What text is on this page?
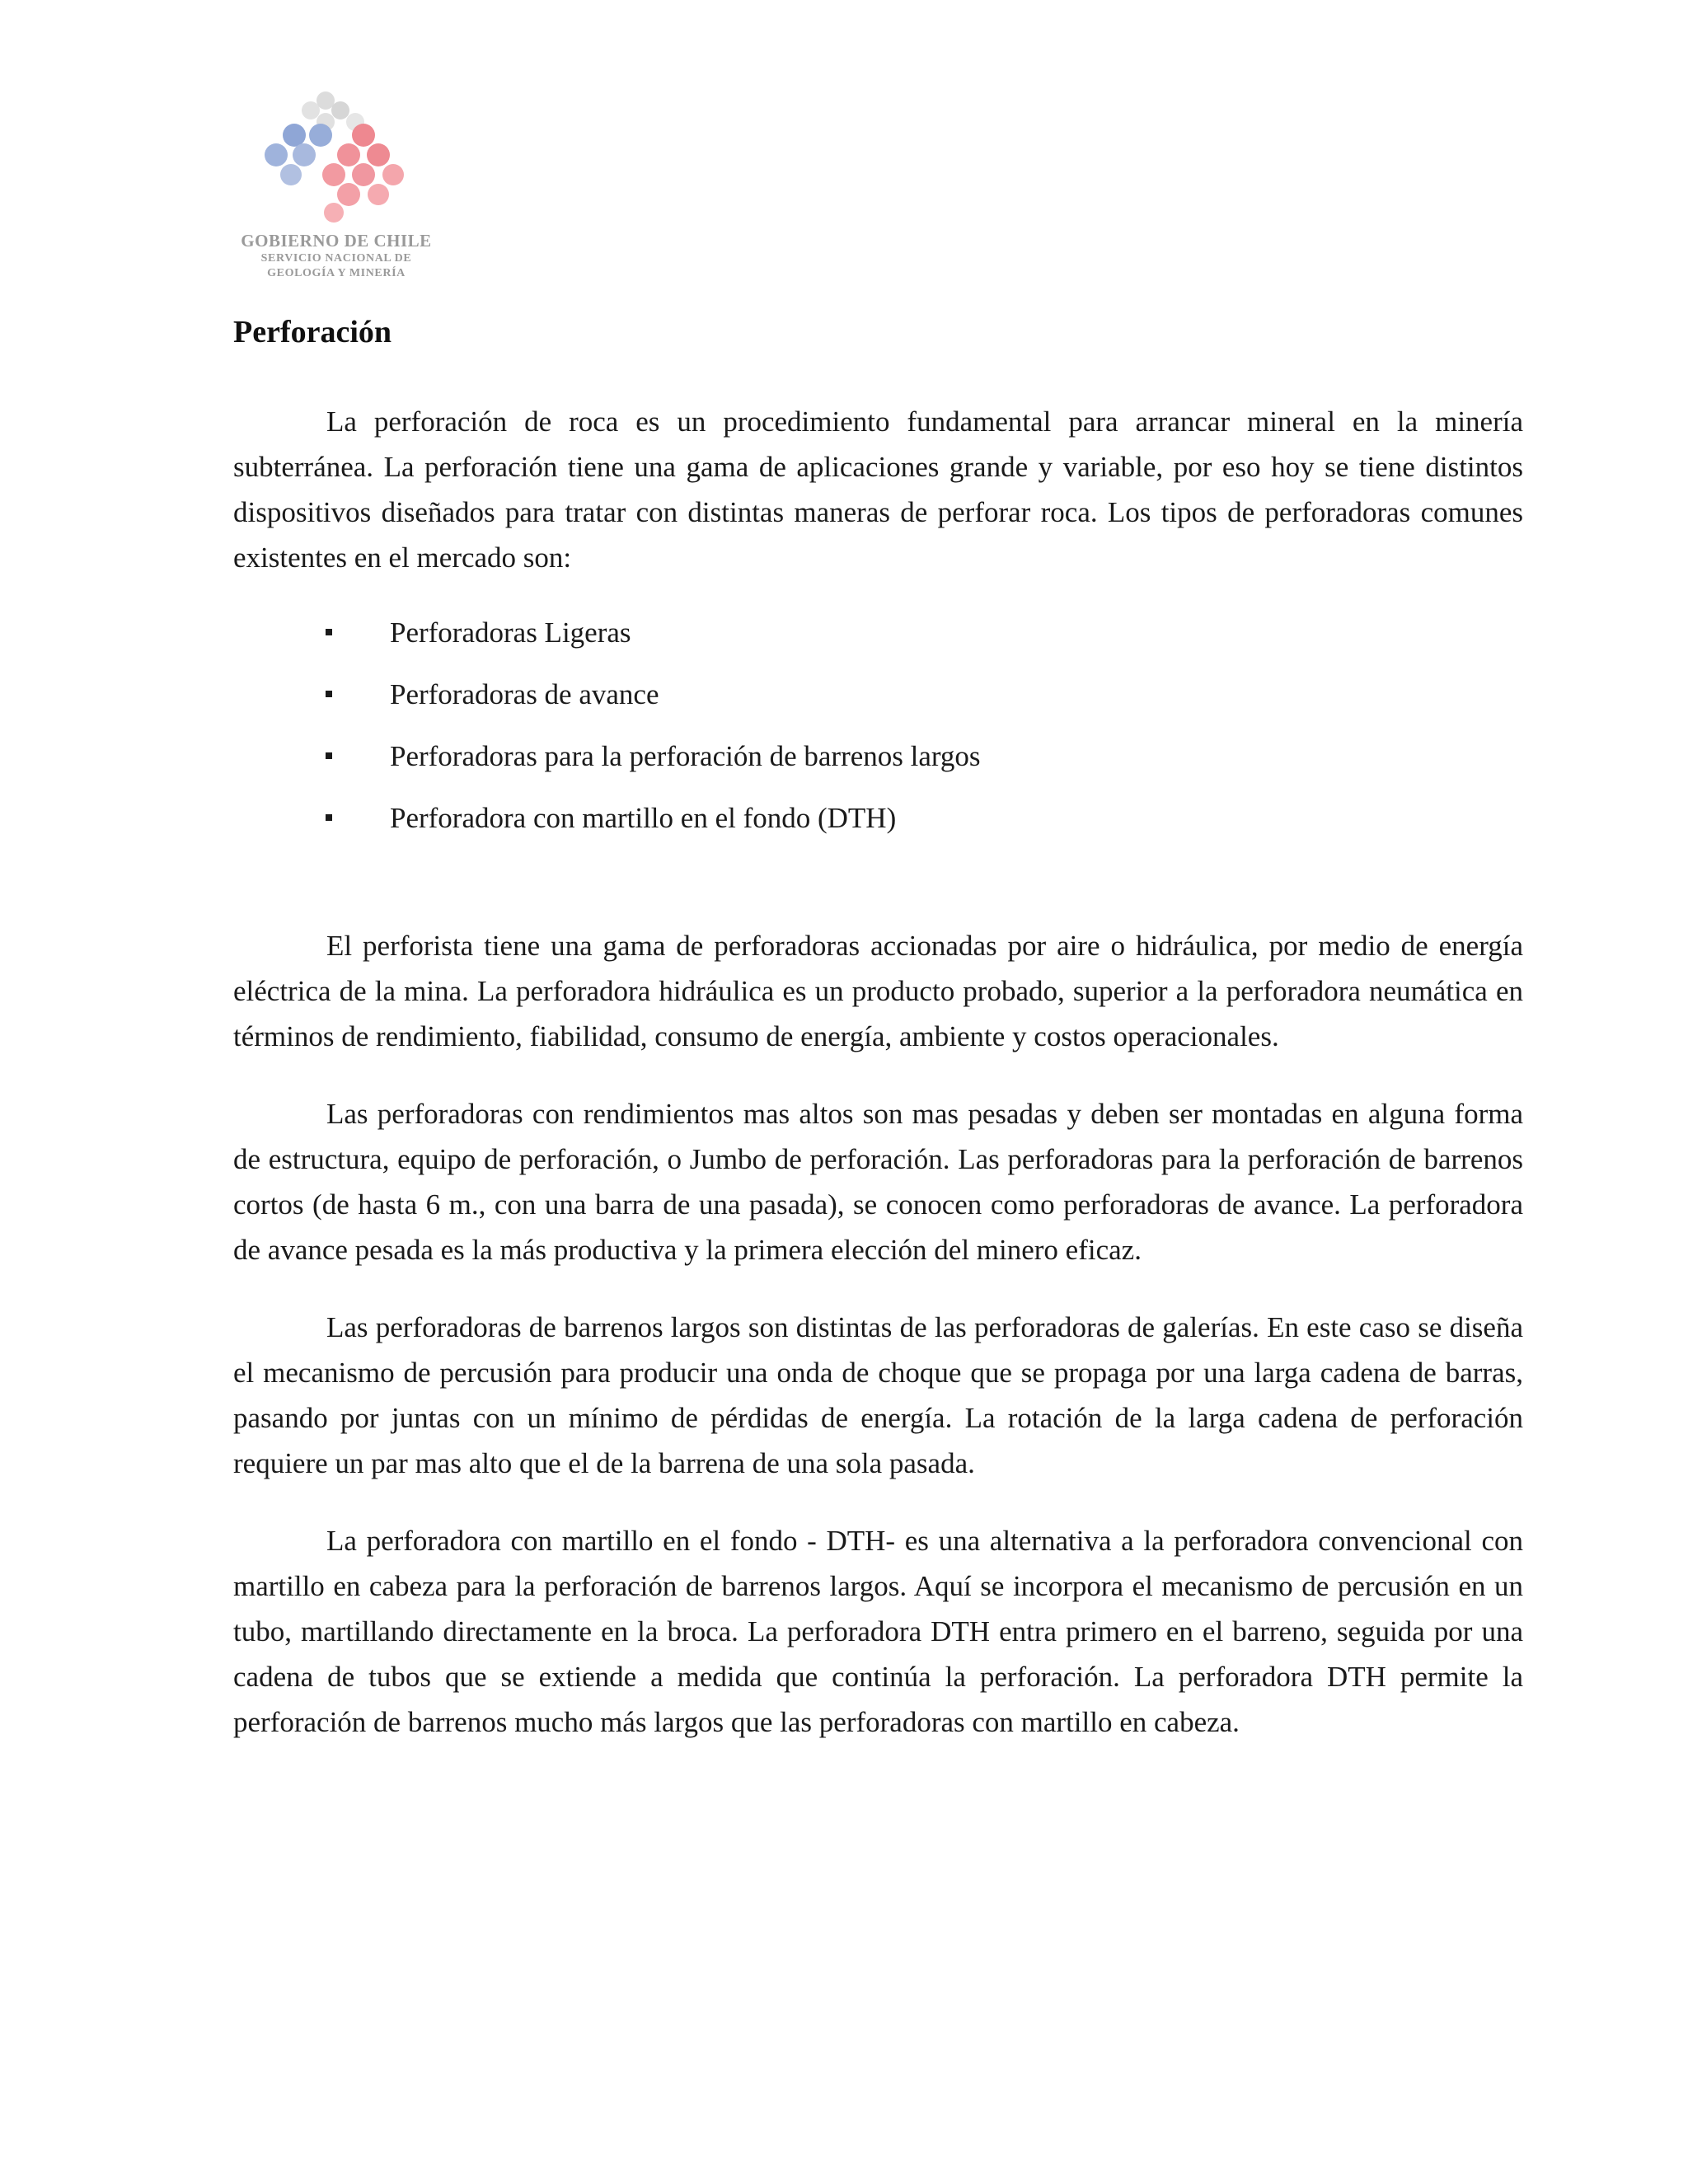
GOBIERNO DE CHILE
SERVICIO NACIONAL DE
GEOLOGÍA Y MINERÍA
Perforación

La perforación de roca es un procedimiento fundamental para arrancar mineral en la minería subterránea. La perforación tiene una gama de aplicaciones grande y variable, por eso hoy se tiene distintos dispositivos diseñados para tratar con distintas maneras de perforar roca. Los tipos de perforadoras comunes existentes en el mercado son:

Perforadoras Ligeras
Perforadoras de avance
Perforadoras para la perforación de barrenos largos
Perforadora con martillo en el fondo (DTH)

El perforista tiene una gama de perforadoras accionadas por aire o hidráulica, por medio de energía eléctrica de la mina. La perforadora hidráulica es un producto probado, superior a la perforadora neumática en términos de rendimiento, fiabilidad, consumo de energía, ambiente y costos operacionales.

Las perforadoras con rendimientos mas altos son mas pesadas y deben ser montadas en alguna forma de estructura, equipo de perforación, o Jumbo de perforación. Las perforadoras para la perforación de barrenos cortos (de hasta 6 m., con una barra de una pasada), se conocen como perforadoras de avance. La perforadora de avance pesada es la más productiva y la primera elección del minero eficaz.

Las perforadoras de barrenos largos son distintas de las perforadoras de galerías. En este caso se diseña el mecanismo de percusión para producir una onda de choque que se propaga por una larga cadena de barras, pasando por juntas con un mínimo de pérdidas de energía. La rotación de la larga cadena de perforación requiere un par mas alto que el de la barrena de una sola pasada.

La perforadora con martillo en el fondo - DTH- es una alternativa a la perforadora convencional con martillo en cabeza para la perforación de barrenos largos. Aquí se incorpora el mecanismo de percusión en un tubo, martillando directamente en la broca. La perforadora DTH entra primero en el barreno, seguida por una cadena de tubos que se extiende a medida que continúa la perforación. La perforadora DTH permite la perforación de barrenos mucho más largos que las perforadoras con martillo en cabeza.
